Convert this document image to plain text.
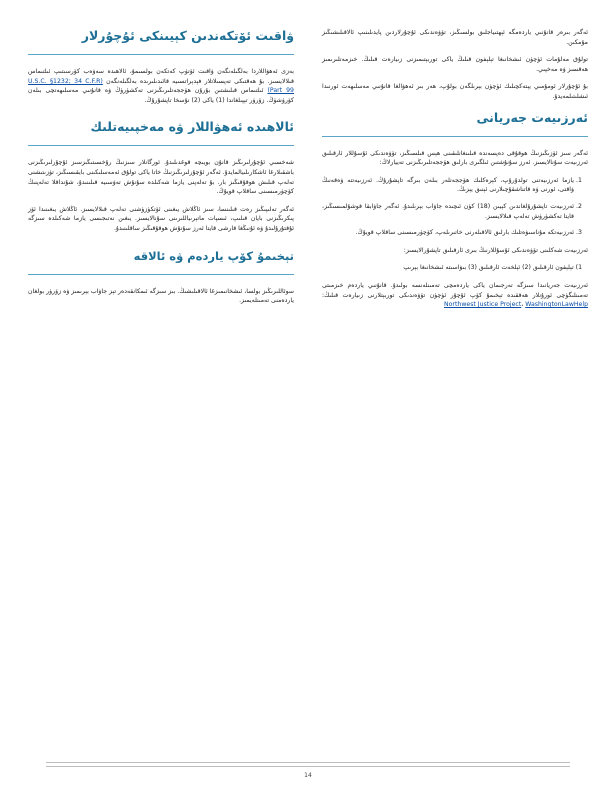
ئەگەر بىرەر قانۇنىي ياردەمگە ئېھتىياجلىق بولسىڭىز، تۆۋەندىكى ئۇچۇرلاردىن پايدىلىنىپ ئالاقىلىشىڭىز مۇمكىن.

تولۇق مەلۇمات ئۈچۈن ئىشخانىغا تېلېفون قىلىڭ ياكى توربېتىمىزنى زىيارەت قىلىڭ. خىزمەتلىرىمىز ھەقسىز ۋە مەخپىي.

بۇ ئۇچۇرلار ئومۇمىي يېتەكچىلىك ئۈچۈن بېرىلگەن بولۇپ، ھەر بىر ئەھۋالغا قانۇنىي مەسلىھەت ئورنىدا ئىشلىتىلمەيدۇ.

ئەرزىيەت جەريانى

ئەگەر سىز ئۆزىڭىزنىڭ ھوقۇقى دەپسەندە قىلىنغانلىقىنى ھېس قىلسىڭىز، تۆۋەندىكى ئۇسۇللار ئارقىلىق ئەرزىيەت سۇنالايسىز. ئەرز سۇنۇشتىن ئىلگىرى بارلىق ھۆججەتلىرىڭىزنى تەييارلاڭ:

1. يازما ئەرزىيەتنى تولدۇرۇپ، كېرەكلىك ھۆججەتلەر بىلەن بىرگە تاپشۇرۇڭ. ئەرزىيەتتە ۋەقەنىڭ ۋاقتى، ئورنى ۋە قاتناشقۇچىلارنى ئېنىق يېزىڭ.
2. ئەرزىيەت تاپشۇرۇلغاندىن كېيىن (18) كۈن ئىچىدە جاۋاب بېرىلىدۇ. ئەگەر جاۋابقا قوشۇلمىسىڭىز، قايتا تەكشۈرۈش تەلەپ قىلالايسىز.
3. ئەرزىيەتكە مۇناسىۋەتلىك بارلىق ئالاقىلەرنى خاتىرىلەپ، كۆچۈرمىسىنى ساقلاپ قويۇڭ.

ئەرزىيەت شەكلىنى تۆۋەندىكى ئۇسۇللارنىڭ بىرى ئارقىلىق تاپشۇرالايسىز:

1) تېلېفون ئارقىلىق (2) ئېلخەت ئارقىلىق (3) بىۋاسىتە ئىشخانىغا بېرىپ

ئەرزىيەت جەريانىدا سىزگە تەرجىمان ياكى ياردەمچى تەمىنلەنسە بولىدۇ. قانۇنىي ياردەم خىزمىتى تەمىنلىگۈچى ئورۇنلار ھەققىدە تېخىمۇ كۆپ ئۇچۇر ئۈچۈن تۆۋەندىكى توربېتلارنى زىيارەت قىلىڭ: Northwest Justice Project، WashingtonLawHelp

ۋاقىت ئۆتكەندىن كېيىنكى ئۇچۇرلار

بەزى ئەھۋاللاردا بەلگىلەنگەن ۋاقىت ئۆتۈپ كەتكەن بولسىمۇ، ئالاھىدە سەۋەب كۆرسىتىپ ئىلتىماس قىلالايسىز. بۇ ھەقتىكى تەپسىلاتلار فېدېراتسىيە قائىدىلىرىدە بەلگىلەنگەن (U.S.C. §1232; 34 C.F.R Part 99) ئىلتىماس قىلىشتىن بۇرۇن ھۆججەتلىرىڭىزنى تەكشۈرۈڭ ۋە قانۇنىي مەسلىھەتچى بىلەن كۆرۈشۈڭ. زۆرۈر تېپىلغاندا (1) ياكى (2) نۇسخا تاپشۇرۇڭ.

ئالاھىدە ئەھۋاللار ۋە مەخپىيەتلىك

شەخسىي ئۇچۇرلىرىڭىز قانۇن بويىچە قوغدىلىدۇ. ئورگانلار سىزنىڭ رۇخسىتىڭىزسىز ئۇچۇرلىرىڭىزنى باشقىلارغا ئاشكارىلىيالمايدۇ. ئەگەر ئۇچۇرلىرىڭىزنىڭ خاتا ياكى تولۇق ئەمەسلىكىنى بايقىسىڭىز، تۈزىتىشنى تەلەپ قىلىش ھوقۇقىڭىز بار. بۇ تەلەپنى يازما شەكىلدە سۇنۇش تەۋسىيە قىلىنىدۇ، شۇنداقلا تەلەپنىڭ كۆچۈرمىسىنى ساقلاپ قويۇڭ.

ئەگەر تەلىپىڭىز رەت قىلىنسا، سىز ئاڭلاش يىغىنى ئۆتكۈزۈشنى تەلەپ قىلالايسىز. ئاڭلاش يىغىنىدا ئۆز پىكرىڭىزنى بايان قىلىپ، ئىسپات ماتېرىياللىرىنى سۇنالايسىز. يىغىن نەتىجىسى يازما شەكىلدە سىزگە ئۇقتۇرۇلىدۇ ۋە ئۇنىڭغا قارشى قايتا ئەرز سۇنۇش ھوقۇقىڭىز ساقلىنىدۇ.

تېخىمۇ كۆپ ياردەم ۋە ئالاقە

سوئاللىرىڭىز بولسا، ئىشخانىمىزغا ئالاقىلىشىڭ. بىز سىزگە ئىمكانقەدەر تېز جاۋاب بېرىمىز ۋە زۆرۈر بولغان ياردەمنى تەمىنلەيمىز.

14
